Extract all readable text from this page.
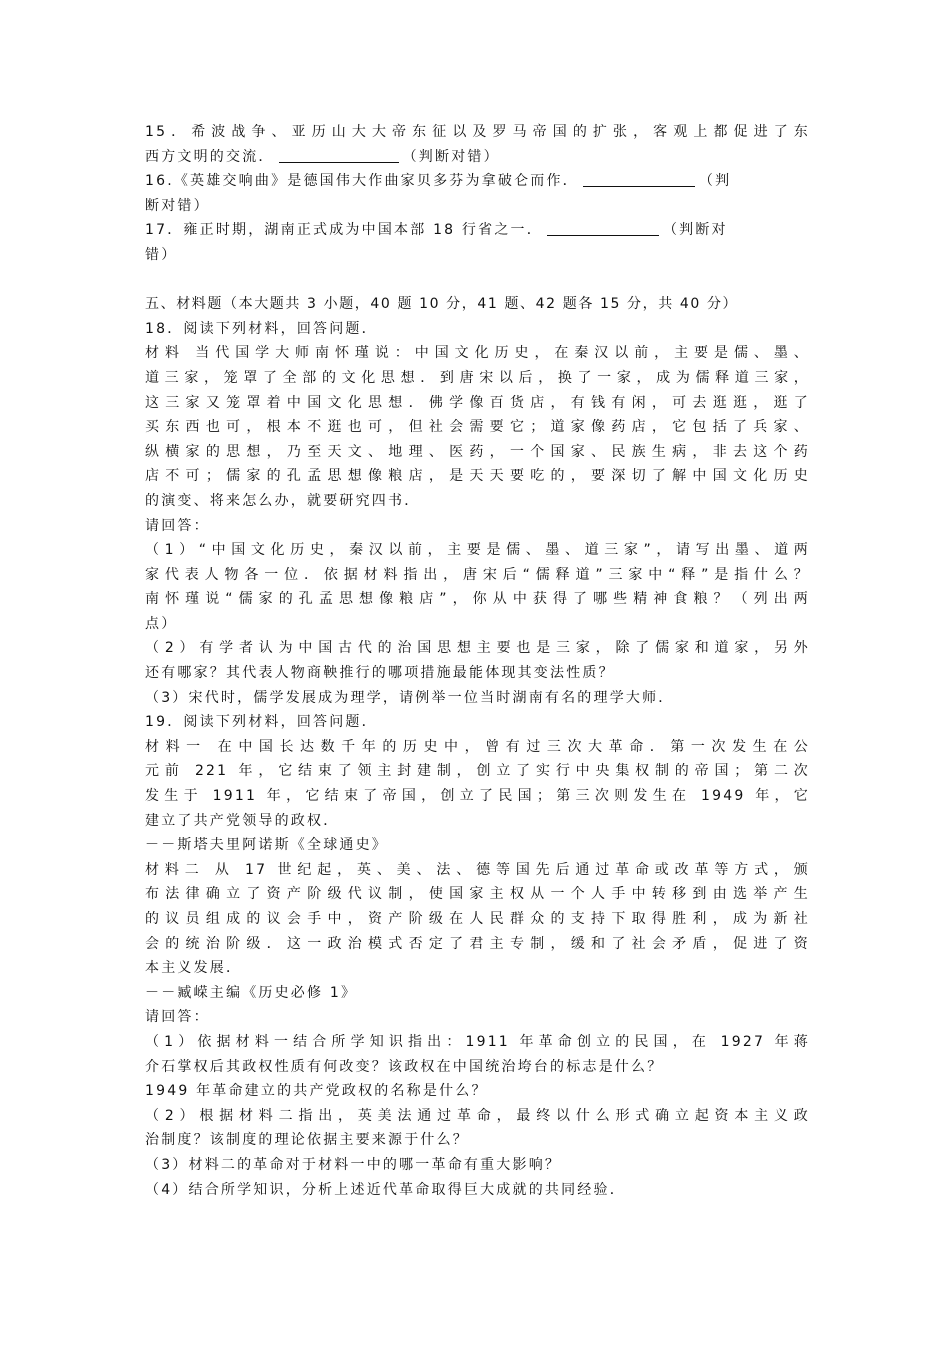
15．希波战争、亚历山大大帝东征以及罗马帝国的扩张，客观上都促进了东
西方文明的交流．	（判断对错）
16.《英雄交响曲》是德国伟大作曲家贝多芬为拿破仑而作．	（判
断对错）
17．雍正时期，湖南正式成为中国本部 18 行省之一．	（判断对
错）
五、材料题（本大题共 3 小题，40 题 10 分，41 题、42 题各 15 分，共 40 分）
18．阅读下列材料，回答问题．
材料 当代国学大师南怀瑾说：中国文化历史，在秦汉以前，主要是儒、墨、
道三家，笼罩了全部的文化思想．到唐宋以后，换了一家，成为儒释道三家，
这三家又笼罩着中国文化思想．佛学像百货店，有钱有闲，可去逛逛，逛了
买东西也可，根本不逛也可，但社会需要它；道家像药店，它包括了兵家、
纵横家的思想，乃至天文、地理、医药，一个国家、民族生病，非去这个药
店不可；儒家的孔孟思想像粮店，是天天要吃的，要深切了解中国文化历史
的演变、将来怎么办，就要研究四书．
请回答：
（1）“中国文化历史，秦汉以前，主要是儒、墨、道三家”，请写出墨、道两
家代表人物各一位．依据材料指出，唐宋后“儒释道”三家中“释”是指什么？
南怀瑾说“儒家的孔孟思想像粮店”，你从中获得了哪些精神食粮？（列出两
点）
（2）有学者认为中国古代的治国思想主要也是三家，除了儒家和道家，另外
还有哪家？其代表人物商鞅推行的哪项措施最能体现其变法性质？
（3）宋代时，儒学发展成为理学，请例举一位当时湖南有名的理学大师．
19．阅读下列材料，回答问题．
材料一 在中国长达数千年的历史中，曾有过三次大革命．第一次发生在公
元前 221 年，它结束了领主封建制，创立了实行中央集权制的帝国；第二次
发生于 1911 年，它结束了帝国，创立了民国；第三次则发生在 1949 年，它
建立了共产党领导的政权．
－－斯塔夫里阿诺斯《全球通史》
材料二 从 17 世纪起，英、美、法、德等国先后通过革命或改革等方式，颁
布法律确立了资产阶级代议制，使国家主权从一个人手中转移到由选举产生
的议员组成的议会手中，资产阶级在人民群众的支持下取得胜利，成为新社
会的统治阶级．这一政治模式否定了君主专制，缓和了社会矛盾，促进了资
本主义发展．
－－臧嵘主编《历史必修 1》
请回答：
（1）依据材料一结合所学知识指出：1911 年革命创立的民国，在 1927 年蒋
介石掌权后其政权性质有何改变？该政权在中国统治垮台的标志是什么？
1949 年革命建立的共产党政权的名称是什么？
（2）根据材料二指出，英美法通过革命，最终以什么形式确立起资本主义政
治制度？该制度的理论依据主要来源于什么？
（3）材料二的革命对于材料一中的哪一革命有重大影响？
（4）结合所学知识，分析上述近代革命取得巨大成就的共同经验．
